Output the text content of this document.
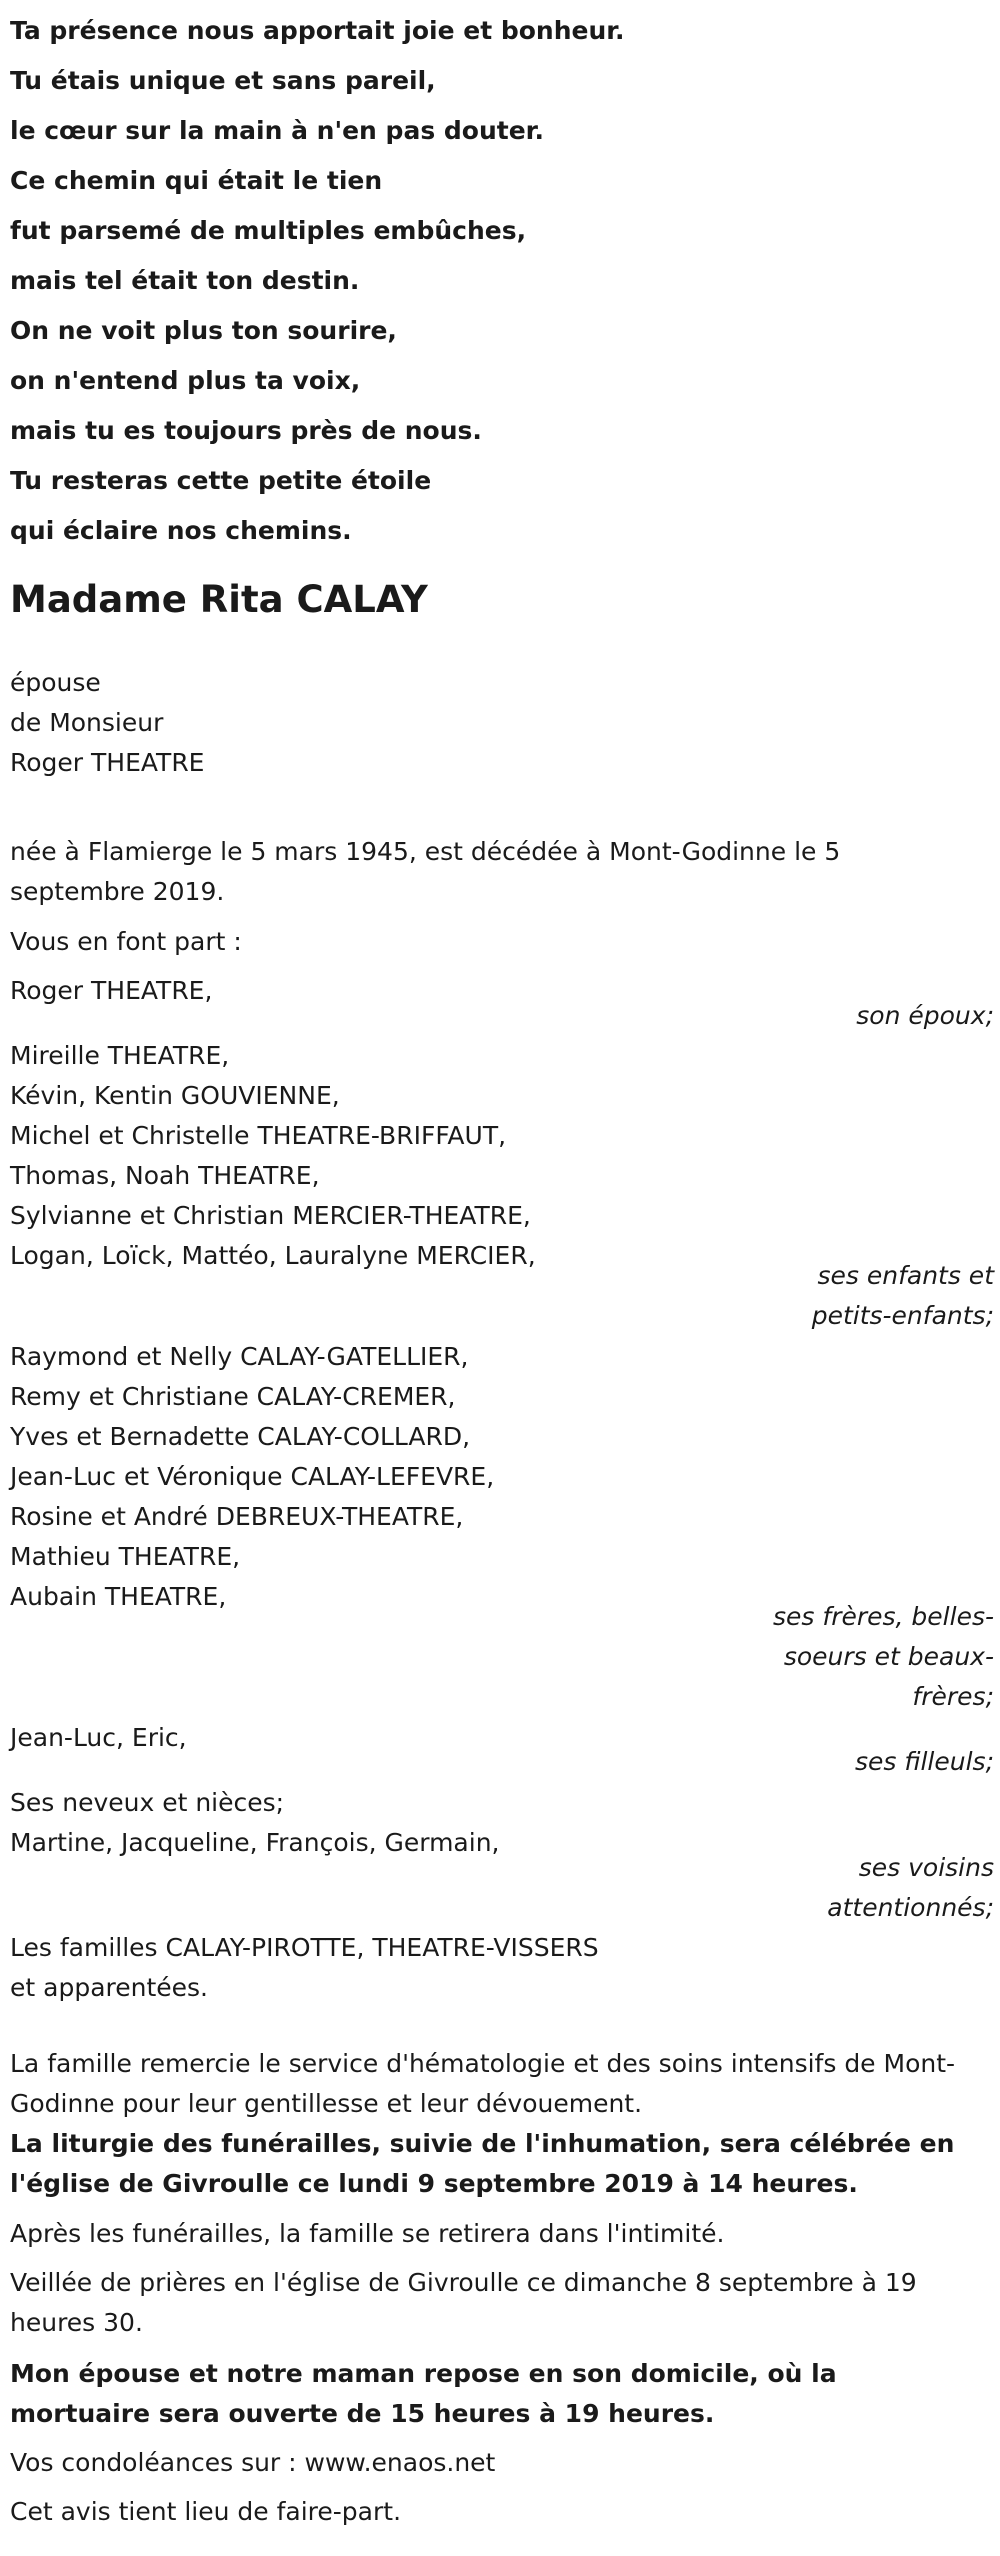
Ta présence nous apportait joie et bonheur.
Tu étais unique et sans pareil,
le cœur sur la main à n'en pas douter.
Ce chemin qui était le tien
fut parsemé de multiples embûches,
mais tel était ton destin.
On ne voit plus ton sourire,
on n'entend plus ta voix,
mais tu es toujours près de nous.
Tu resteras cette petite étoile
qui éclaire nos chemins.
Madame Rita CALAY
épouse
de Monsieur
Roger THEATRE
née à Flamierge le 5 mars 1945, est décédée à Mont-Godinne le 5 septembre 2019.
Vous en font part :
Roger THEATRE,
son époux;
Mireille THEATRE,
Kévin, Kentin GOUVIENNE,
Michel et Christelle THEATRE-BRIFFAUT,
Thomas, Noah THEATRE,
Sylvianne et Christian MERCIER-THEATRE,
Logan, Loïck, Mattéo, Lauralyne MERCIER,
ses enfants et
petits-enfants;
Raymond et Nelly CALAY-GATELLIER,
Remy et Christiane CALAY-CREMER,
Yves et Bernadette CALAY-COLLARD,
Jean-Luc et Véronique CALAY-LEFEVRE,
Rosine et André DEBREUX-THEATRE,
Mathieu THEATRE,
Aubain THEATRE,
ses frères, belles-
soeurs et beaux-
frères;
Jean-Luc, Eric,
ses filleuls;
Ses neveux et nièces;
Martine, Jacqueline, François, Germain,
ses voisins
attentionnés;
Les familles CALAY-PIROTTE, THEATRE-VISSERS
et apparentées.
La famille remercie le service d'hématologie et des soins intensifs de Mont-Godinne pour leur gentillesse et leur dévouement.
La liturgie des funérailles, suivie de l'inhumation, sera célébrée en l'église de Givroulle ce lundi 9 septembre 2019 à 14 heures.
Après les funérailles, la famille se retirera dans l'intimité.
Veillée de prières en l'église de Givroulle ce dimanche 8 septembre à 19 heures 30.
Mon épouse et notre maman repose en son domicile, où la mortuaire sera ouverte de 15 heures à 19 heures.
Vos condoléances sur : www.enaos.net
Cet avis tient lieu de faire-part.
